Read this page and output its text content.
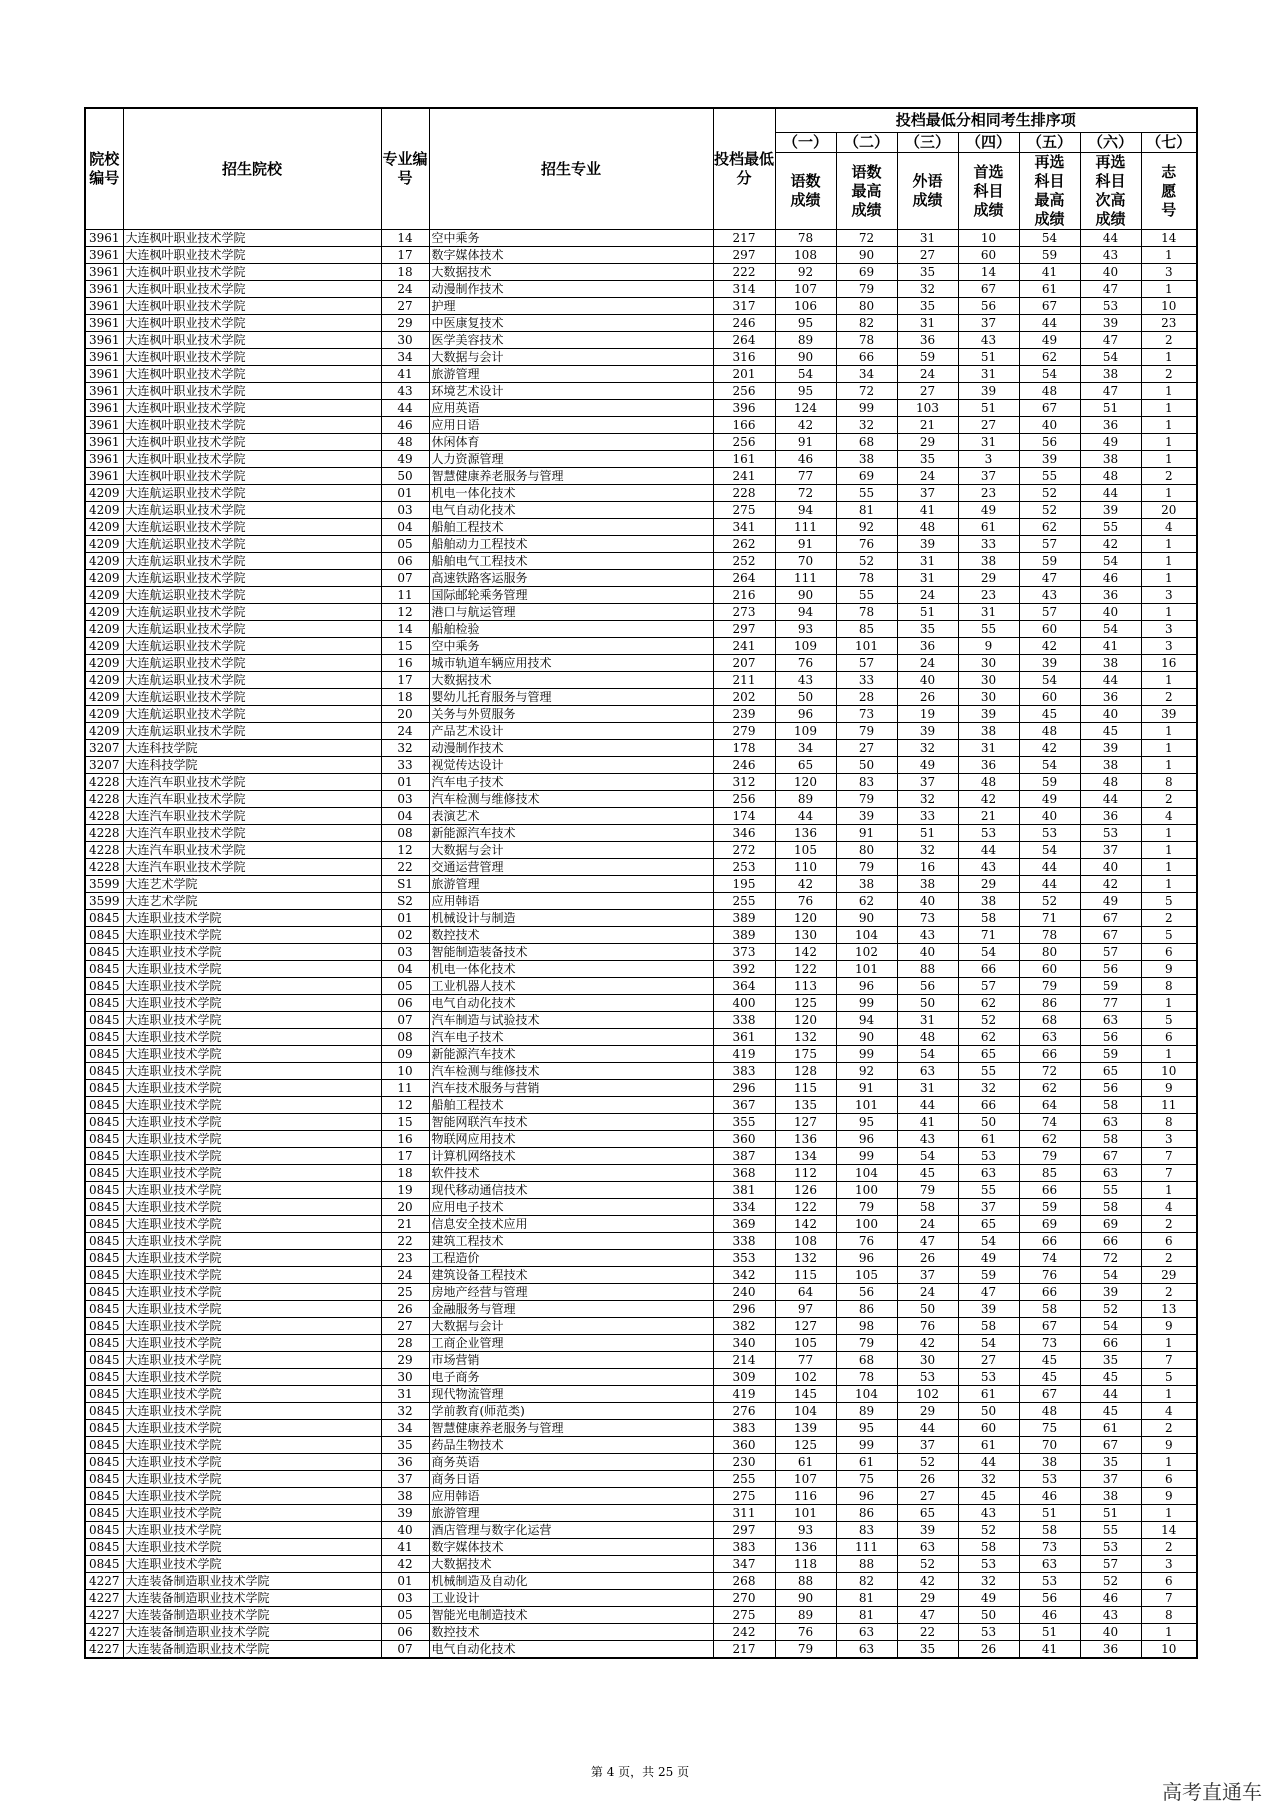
院校编号	招生院校	专业编号	招生专业	投档最低分	投档最低分相同考生排序项						
					（一）	（二）	（三）	（四）	（五）	（六）	（七）
					语数成绩	语数最高成绩	外语成绩	首选科目成绩	再选科目最高成绩	再选科目次高成绩	志愿号
3961	大连枫叶职业技术学院	14	空中乘务	217	78	72	31	10	54	44	14
3961	大连枫叶职业技术学院	17	数字媒体技术	297	108	90	27	60	59	43	1
3961	大连枫叶职业技术学院	18	大数据技术	222	92	69	35	14	41	40	3
3961	大连枫叶职业技术学院	24	动漫制作技术	314	107	79	32	67	61	47	1
3961	大连枫叶职业技术学院	27	护理	317	106	80	35	56	67	53	10
3961	大连枫叶职业技术学院	29	中医康复技术	246	95	82	31	37	44	39	23
3961	大连枫叶职业技术学院	30	医学美容技术	264	89	78	36	43	49	47	2
3961	大连枫叶职业技术学院	34	大数据与会计	316	90	66	59	51	62	54	1
3961	大连枫叶职业技术学院	41	旅游管理	201	54	34	24	31	54	38	2
3961	大连枫叶职业技术学院	43	环境艺术设计	256	95	72	27	39	48	47	1
3961	大连枫叶职业技术学院	44	应用英语	396	124	99	103	51	67	51	1
3961	大连枫叶职业技术学院	46	应用日语	166	42	32	21	27	40	36	1
3961	大连枫叶职业技术学院	48	休闲体育	256	91	68	29	31	56	49	1
3961	大连枫叶职业技术学院	49	人力资源管理	161	46	38	35	3	39	38	1
3961	大连枫叶职业技术学院	50	智慧健康养老服务与管理	241	77	69	24	37	55	48	2
4209	大连航运职业技术学院	01	机电一体化技术	228	72	55	37	23	52	44	1
4209	大连航运职业技术学院	03	电气自动化技术	275	94	81	41	49	52	39	20
4209	大连航运职业技术学院	04	船舶工程技术	341	111	92	48	61	62	55	4
4209	大连航运职业技术学院	05	船舶动力工程技术	262	91	76	39	33	57	42	1
4209	大连航运职业技术学院	06	船舶电气工程技术	252	70	52	31	38	59	54	1
4209	大连航运职业技术学院	07	高速铁路客运服务	264	111	78	31	29	47	46	1
4209	大连航运职业技术学院	11	国际邮轮乘务管理	216	90	55	24	23	43	36	3
4209	大连航运职业技术学院	12	港口与航运管理	273	94	78	51	31	57	40	1
4209	大连航运职业技术学院	14	船舶检验	297	93	85	35	55	60	54	3
4209	大连航运职业技术学院	15	空中乘务	241	109	101	36	9	42	41	3
4209	大连航运职业技术学院	16	城市轨道车辆应用技术	207	76	57	24	30	39	38	16
4209	大连航运职业技术学院	17	大数据技术	211	43	33	40	30	54	44	1
4209	大连航运职业技术学院	18	婴幼儿托育服务与管理	202	50	28	26	30	60	36	2
4209	大连航运职业技术学院	20	关务与外贸服务	239	96	73	19	39	45	40	39
4209	大连航运职业技术学院	24	产品艺术设计	279	109	79	39	38	48	45	1
3207	大连科技学院	32	动漫制作技术	178	34	27	32	31	42	39	1
3207	大连科技学院	33	视觉传达设计	246	65	50	49	36	54	38	1
4228	大连汽车职业技术学院	01	汽车电子技术	312	120	83	37	48	59	48	8
4228	大连汽车职业技术学院	03	汽车检测与维修技术	256	89	79	32	42	49	44	2
4228	大连汽车职业技术学院	04	表演艺术	174	44	39	33	21	40	36	4
4228	大连汽车职业技术学院	08	新能源汽车技术	346	136	91	51	53	53	53	1
4228	大连汽车职业技术学院	12	大数据与会计	272	105	80	32	44	54	37	1
4228	大连汽车职业技术学院	22	交通运营管理	253	110	79	16	43	44	40	1
3599	大连艺术学院	S1	旅游管理	195	42	38	38	29	44	42	1
3599	大连艺术学院	S2	应用韩语	255	76	62	40	38	52	49	5
0845	大连职业技术学院	01	机械设计与制造	389	120	90	73	58	71	67	2
0845	大连职业技术学院	02	数控技术	389	130	104	43	71	78	67	5
0845	大连职业技术学院	03	智能制造装备技术	373	142	102	40	54	80	57	6
0845	大连职业技术学院	04	机电一体化技术	392	122	101	88	66	60	56	9
0845	大连职业技术学院	05	工业机器人技术	364	113	96	56	57	79	59	8
0845	大连职业技术学院	06	电气自动化技术	400	125	99	50	62	86	77	1
0845	大连职业技术学院	07	汽车制造与试验技术	338	120	94	31	52	68	63	5
0845	大连职业技术学院	08	汽车电子技术	361	132	90	48	62	63	56	6
0845	大连职业技术学院	09	新能源汽车技术	419	175	99	54	65	66	59	1
0845	大连职业技术学院	10	汽车检测与维修技术	383	128	92	63	55	72	65	10
0845	大连职业技术学院	11	汽车技术服务与营销	296	115	91	31	32	62	56	9
0845	大连职业技术学院	12	船舶工程技术	367	135	101	44	66	64	58	11
0845	大连职业技术学院	15	智能网联汽车技术	355	127	95	41	50	74	63	8
0845	大连职业技术学院	16	物联网应用技术	360	136	96	43	61	62	58	3
0845	大连职业技术学院	17	计算机网络技术	387	134	99	54	53	79	67	7
0845	大连职业技术学院	18	软件技术	368	112	104	45	63	85	63	7
0845	大连职业技术学院	19	现代移动通信技术	381	126	100	79	55	66	55	1
0845	大连职业技术学院	20	应用电子技术	334	122	79	58	37	59	58	4
0845	大连职业技术学院	21	信息安全技术应用	369	142	100	24	65	69	69	2
0845	大连职业技术学院	22	建筑工程技术	338	108	76	47	54	66	66	6
0845	大连职业技术学院	23	工程造价	353	132	96	26	49	74	72	2
0845	大连职业技术学院	24	建筑设备工程技术	342	115	105	37	59	76	54	29
0845	大连职业技术学院	25	房地产经营与管理	240	64	56	24	47	66	39	2
0845	大连职业技术学院	26	金融服务与管理	296	97	86	50	39	58	52	13
0845	大连职业技术学院	27	大数据与会计	382	127	98	76	58	67	54	9
0845	大连职业技术学院	28	工商企业管理	340	105	79	42	54	73	66	1
0845	大连职业技术学院	29	市场营销	214	77	68	30	27	45	35	7
0845	大连职业技术学院	30	电子商务	309	102	78	53	53	45	45	5
0845	大连职业技术学院	31	现代物流管理	419	145	104	102	61	67	44	1
0845	大连职业技术学院	32	学前教育(师范类)	276	104	89	29	50	48	45	4
0845	大连职业技术学院	34	智慧健康养老服务与管理	383	139	95	44	60	75	61	2
0845	大连职业技术学院	35	药品生物技术	360	125	99	37	61	70	67	9
0845	大连职业技术学院	36	商务英语	230	61	61	52	44	38	35	1
0845	大连职业技术学院	37	商务日语	255	107	75	26	32	53	37	6
0845	大连职业技术学院	38	应用韩语	275	116	96	27	45	46	38	9
0845	大连职业技术学院	39	旅游管理	311	101	86	65	43	51	51	1
0845	大连职业技术学院	40	酒店管理与数字化运营	297	93	83	39	52	58	55	14
0845	大连职业技术学院	41	数字媒体技术	383	136	111	63	58	73	53	2
0845	大连职业技术学院	42	大数据技术	347	118	88	52	53	63	57	3
4227	大连装备制造职业技术学院	01	机械制造及自动化	268	88	82	42	32	53	52	6
4227	大连装备制造职业技术学院	03	工业设计	270	90	81	29	49	56	46	7
4227	大连装备制造职业技术学院	05	智能光电制造技术	275	89	81	47	50	46	43	8
4227	大连装备制造职业技术学院	06	数控技术	242	76	63	22	53	51	40	1
4227	大连装备制造职业技术学院	07	电气自动化技术	217	79	63	35	26	41	36	10
第 4 页，共 25 页
高考直通车
